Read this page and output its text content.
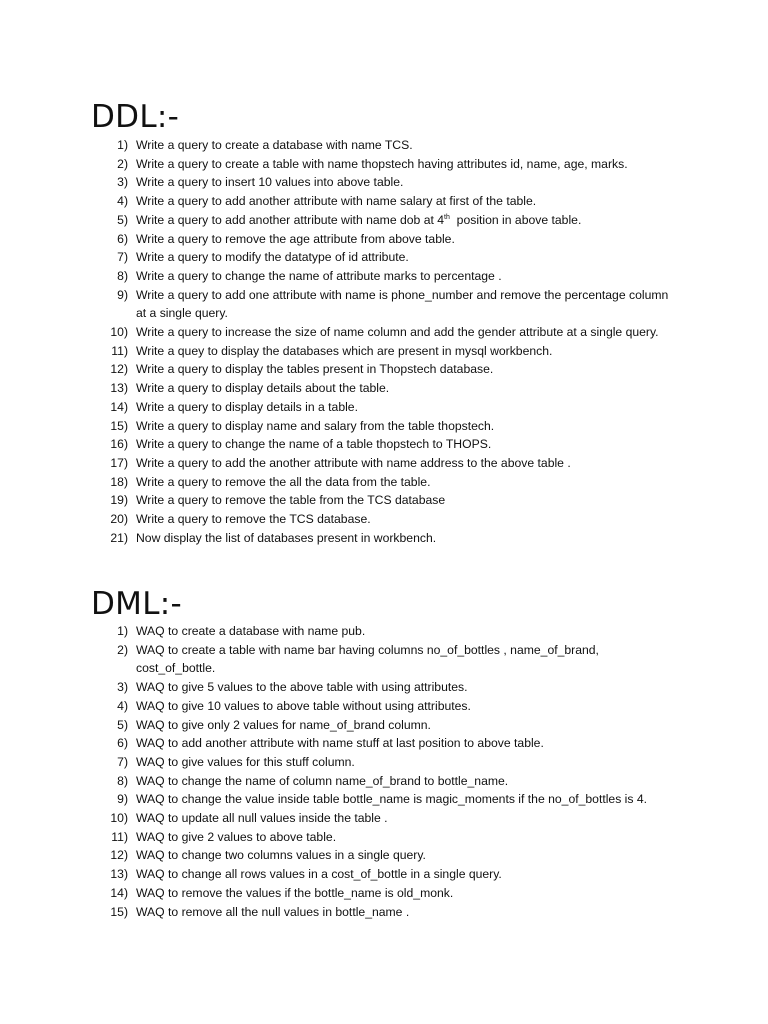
DDL:-
1 ) Write a query to create a database with name TCS.
2 ) Write a query to create a table with name thopstech having attributes id, name, age, marks.
3 ) Write a query to insert 10 values into above table.
4 ) Write a query to add another attribute with name salary at first of the table.
5 ) Write a query to add another attribute with name dob at 4th  position in above table.
6 ) Write a query to remove the age attribute from above table.
7 ) Write a query to modify the datatype of id attribute.
8 ) Write a query to change the name of attribute marks to percentage .
9 ) Write a query to add one attribute with name is phone_number and remove the percentage column at a single query.
10 ) Write a query to increase the size of name column and add the gender attribute at a single query.
11 ) Write a quey to display the databases which are present in mysql workbench.
12 ) Write a query to display the tables present in Thopstech database.
13 ) Write a query to display details about the table.
14 ) Write a query to display details in a table.
15 ) Write a query to display name and salary from the table thopstech.
16 ) Write a query to change the name of a table thopstech to THOPS.
17 ) Write a query to add the another attribute with name address to the above table .
18 ) Write a query to remove the all the data from the table.
19 ) Write a query to remove the table from the TCS database
20 ) Write a query to remove the TCS database.
21 ) Now display the list of databases present in workbench.
DML:-
1 ) WAQ to create a database with name pub.
2 ) WAQ to create a table with name bar having columns no_of_bottles , name_of_brand, cost_of_bottle.
3 ) WAQ to give 5 values to the above table with using attributes.
4 ) WAQ to give 10 values to above table without using attributes.
5 ) WAQ to give only 2 values for name_of_brand column.
6 ) WAQ to add another attribute with name stuff at last position to above table.
7 ) WAQ to give values for this stuff column.
8 ) WAQ to change the name of column name_of_brand to bottle_name.
9 ) WAQ to change the value inside table bottle_name is magic_moments if the no_of_bottles is 4.
10 ) WAQ to update all null values inside the table .
11 ) WAQ to give 2 values to above table.
12 ) WAQ to change two columns values in a single query.
13 ) WAQ to change all rows values in a cost_of_bottle in a single query.
14 ) WAQ to remove the values if the bottle_name is old_monk.
15 ) WAQ to remove all the null values in bottle_name .
